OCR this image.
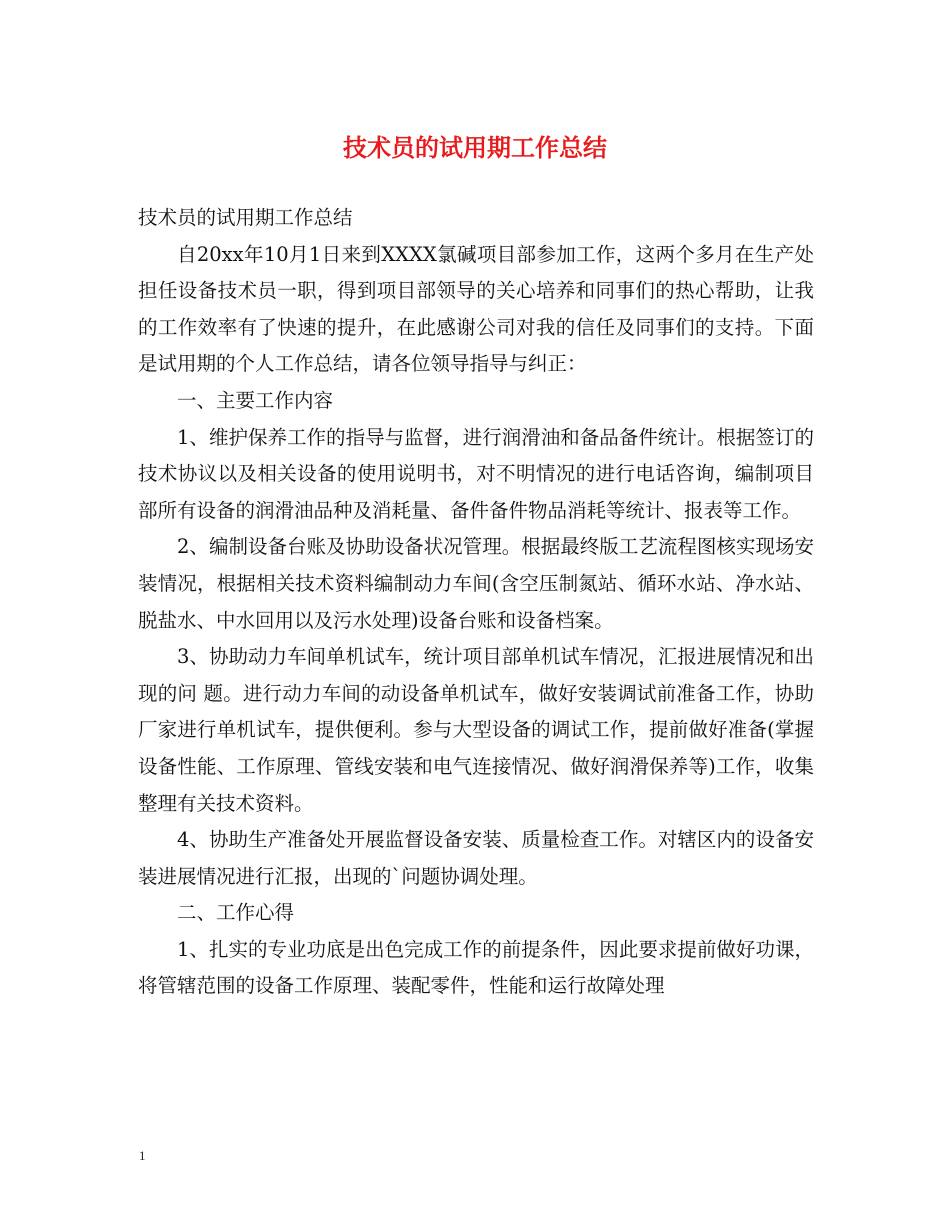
技术员的试用期工作总结

技术员的试用期工作总结

自20xx年10月1日来到XXXX氯碱项目部参加工作，这两个多月在生产处担任设备技术员一职，得到项目部领导的关心培养和同事们的热心帮助，让我的工作效率有了快速的提升，在此感谢公司对我的信任及同事们的支持。下面是试用期的个人工作总结，请各位领导指导与纠正：

一、主要工作内容

1、维护保养工作的指导与监督，进行润滑油和备品备件统计。根据签订的技术协议以及相关设备的使用说明书，对不明情况的进行电话咨询，编制项目部所有设备的润滑油品种及消耗量、备件备件物品消耗等统计、报表等工作。

2、编制设备台账及协助设备状况管理。根据最终版工艺流程图核实现场安装情况，根据相关技术资料编制动力车间(含空压制氮站、循环水站、净水站、脱盐水、中水回用以及污水处理)设备台账和设备档案。

3、协助动力车间单机试车，统计项目部单机试车情况，汇报进展情况和出现的问 题。进行动力车间的动设备单机试车，做好安装调试前准备工作，协助厂家进行单机试车，提供便利。参与大型设备的调试工作，提前做好准备(掌握设备性能、工作原理、管线安装和电气连接情况、做好润滑保养等)工作，收集整理有关技术资料。

4、协助生产准备处开展监督设备安装、质量检查工作。对辖区内的设备安装进展情况进行汇报，出现的`问题协调处理。

二、工作心得

1、扎实的专业功底是出色完成工作的前提条件，因此要求提前做好功课，将管辖范围的设备工作原理、装配零件，性能和运行故障处理

1
